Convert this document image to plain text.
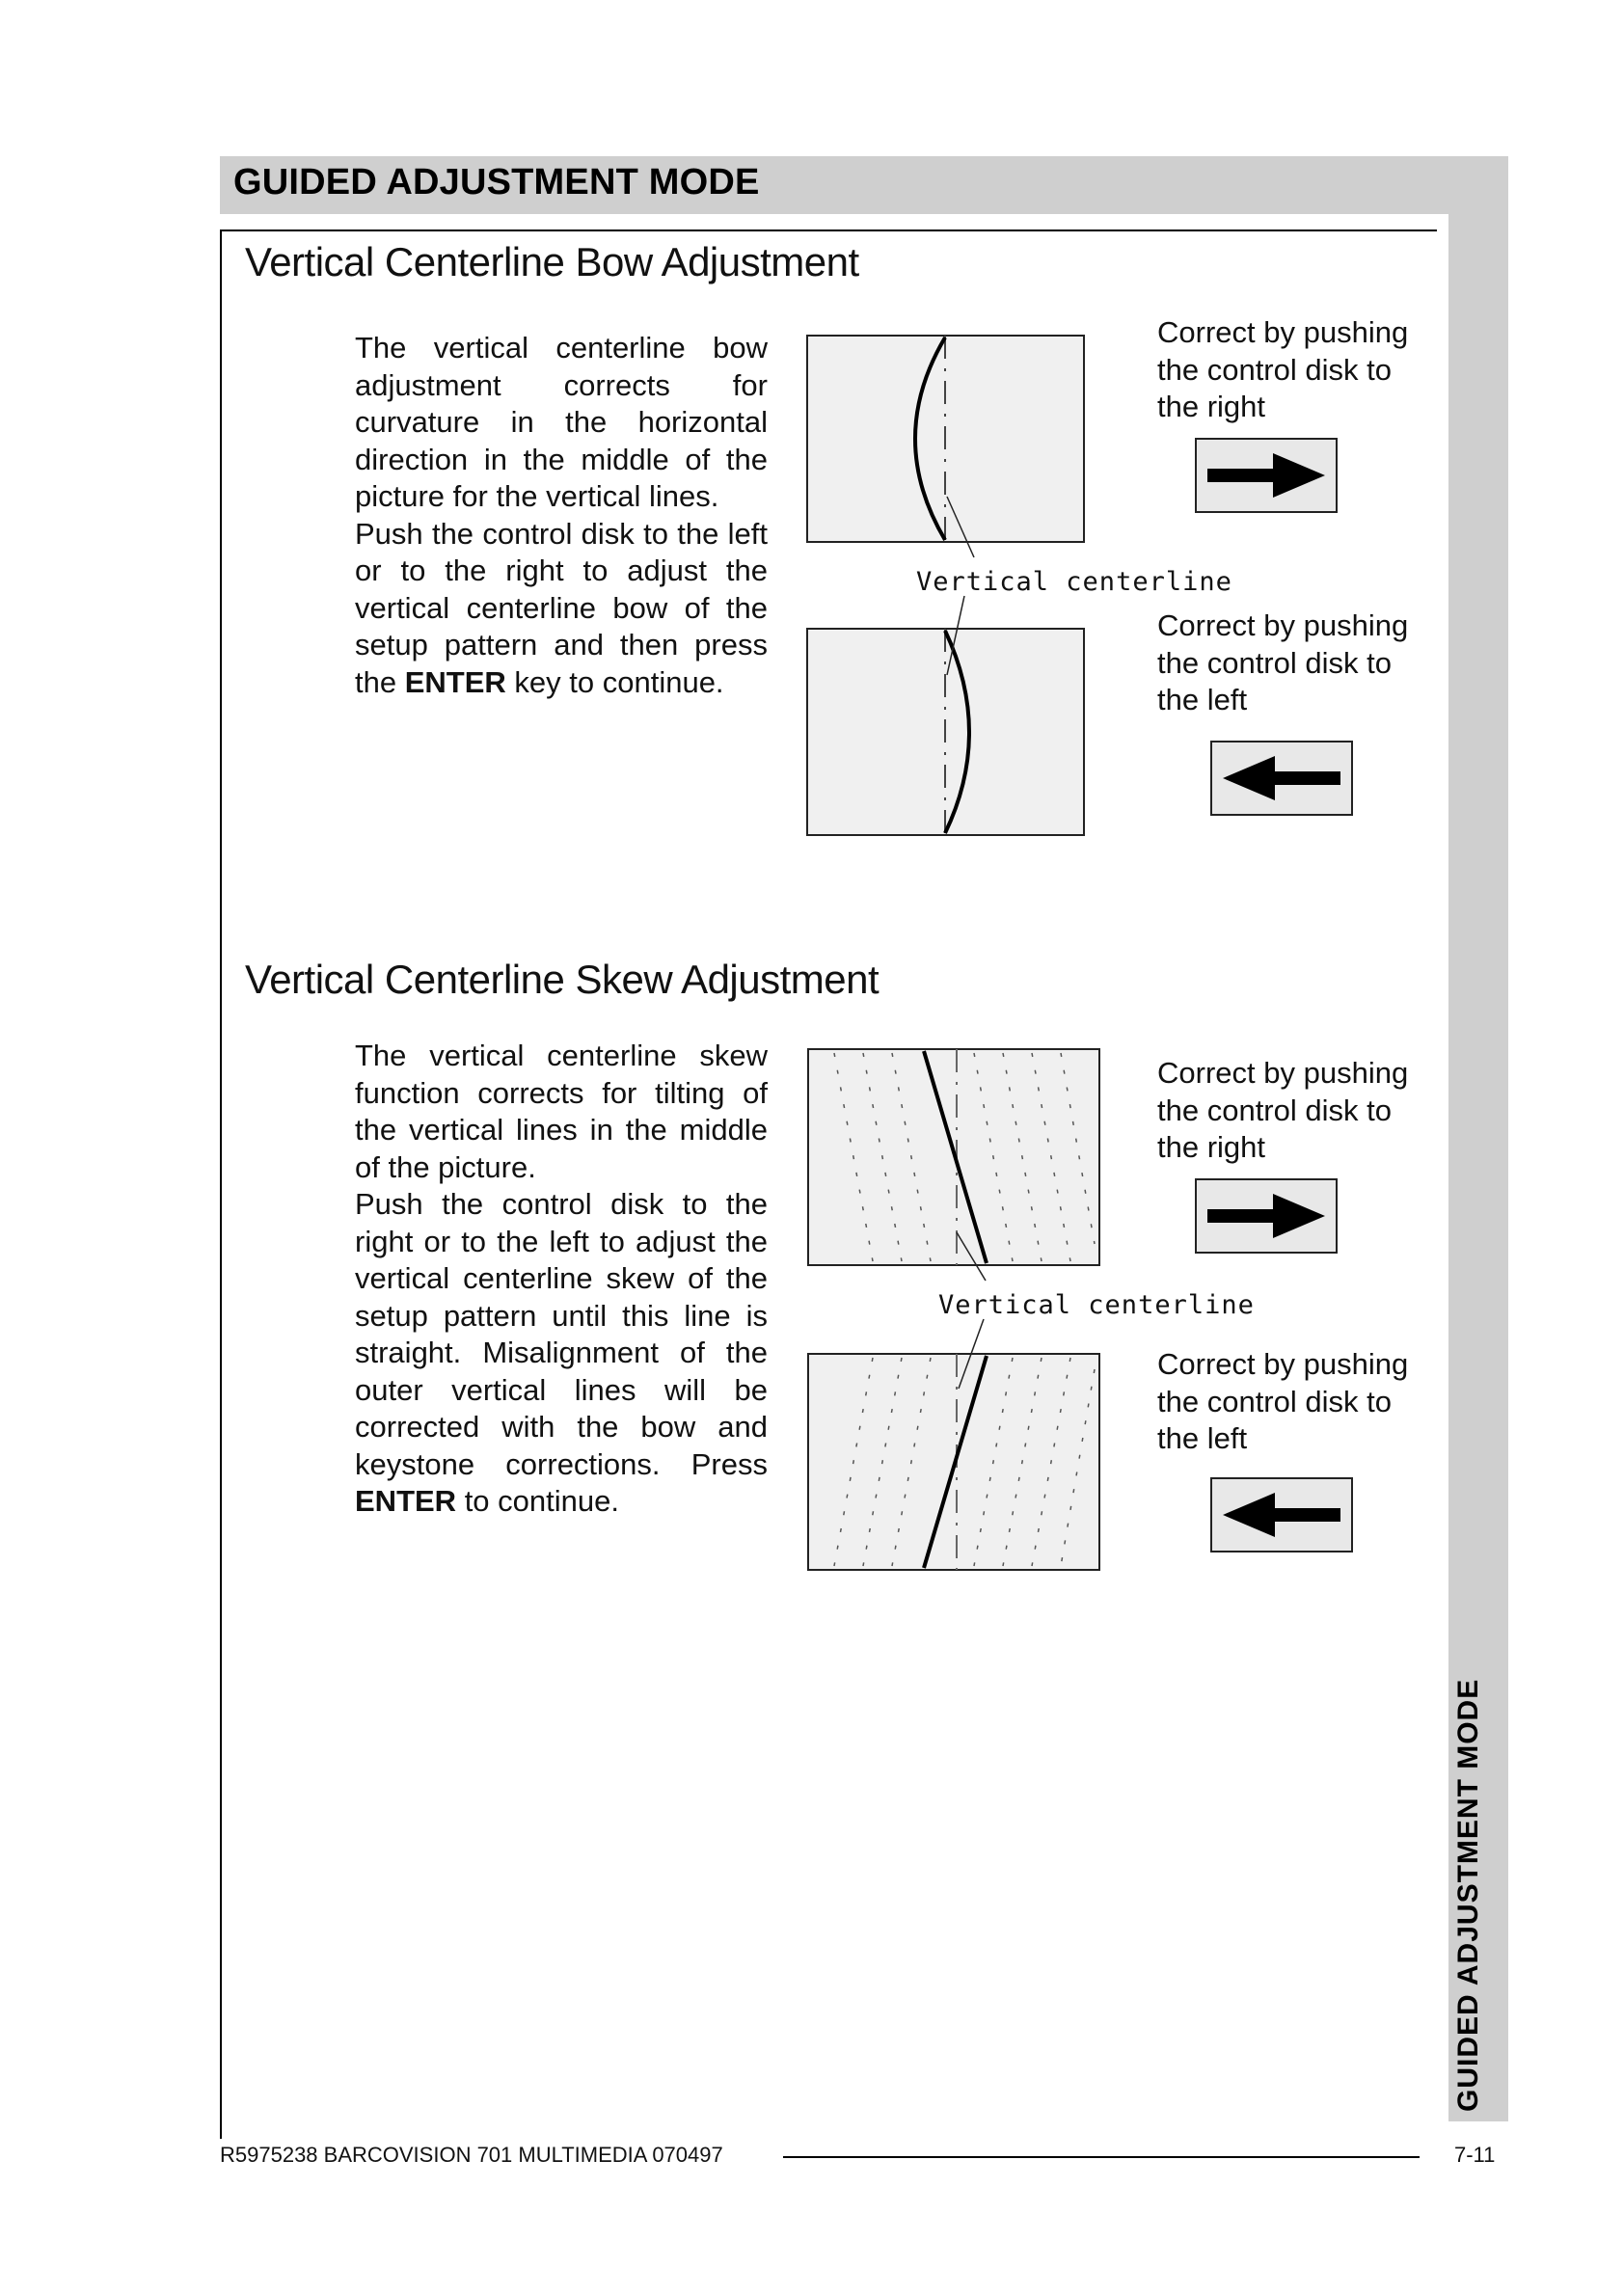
GUIDED ADJUSTMENT MODE
GUIDED ADJUSTMENT MODE
Vertical Centerline Bow Adjustment

The vertical centerline bow adjustment corrects for curvature in the horizontal direction in the middle of the picture for the vertical lines.

Push the control disk to the left or to the right to adjust the vertical centerline bow of the setup pattern and then press the ENTER key to continue.

Vertical centerline
Correct by pushing
the control disk to
the right
Correct by pushing
the control disk to
the left
Vertical Centerline Skew Adjustment

The vertical centerline skew function corrects for tilting of the vertical lines in the middle of the picture.

Push the control disk to the right or to the left to adjust the vertical centerline skew of the setup pattern until this line is straight. Misalignment of the outer vertical lines will be corrected with the bow and keystone corrections. Press ENTER to continue.

Vertical centerline
Correct by pushing
the control disk to
the right
Correct by pushing
the control disk to
the left
R5975238 BARCOVISION 701 MULTIMEDIA 070497	7-11
